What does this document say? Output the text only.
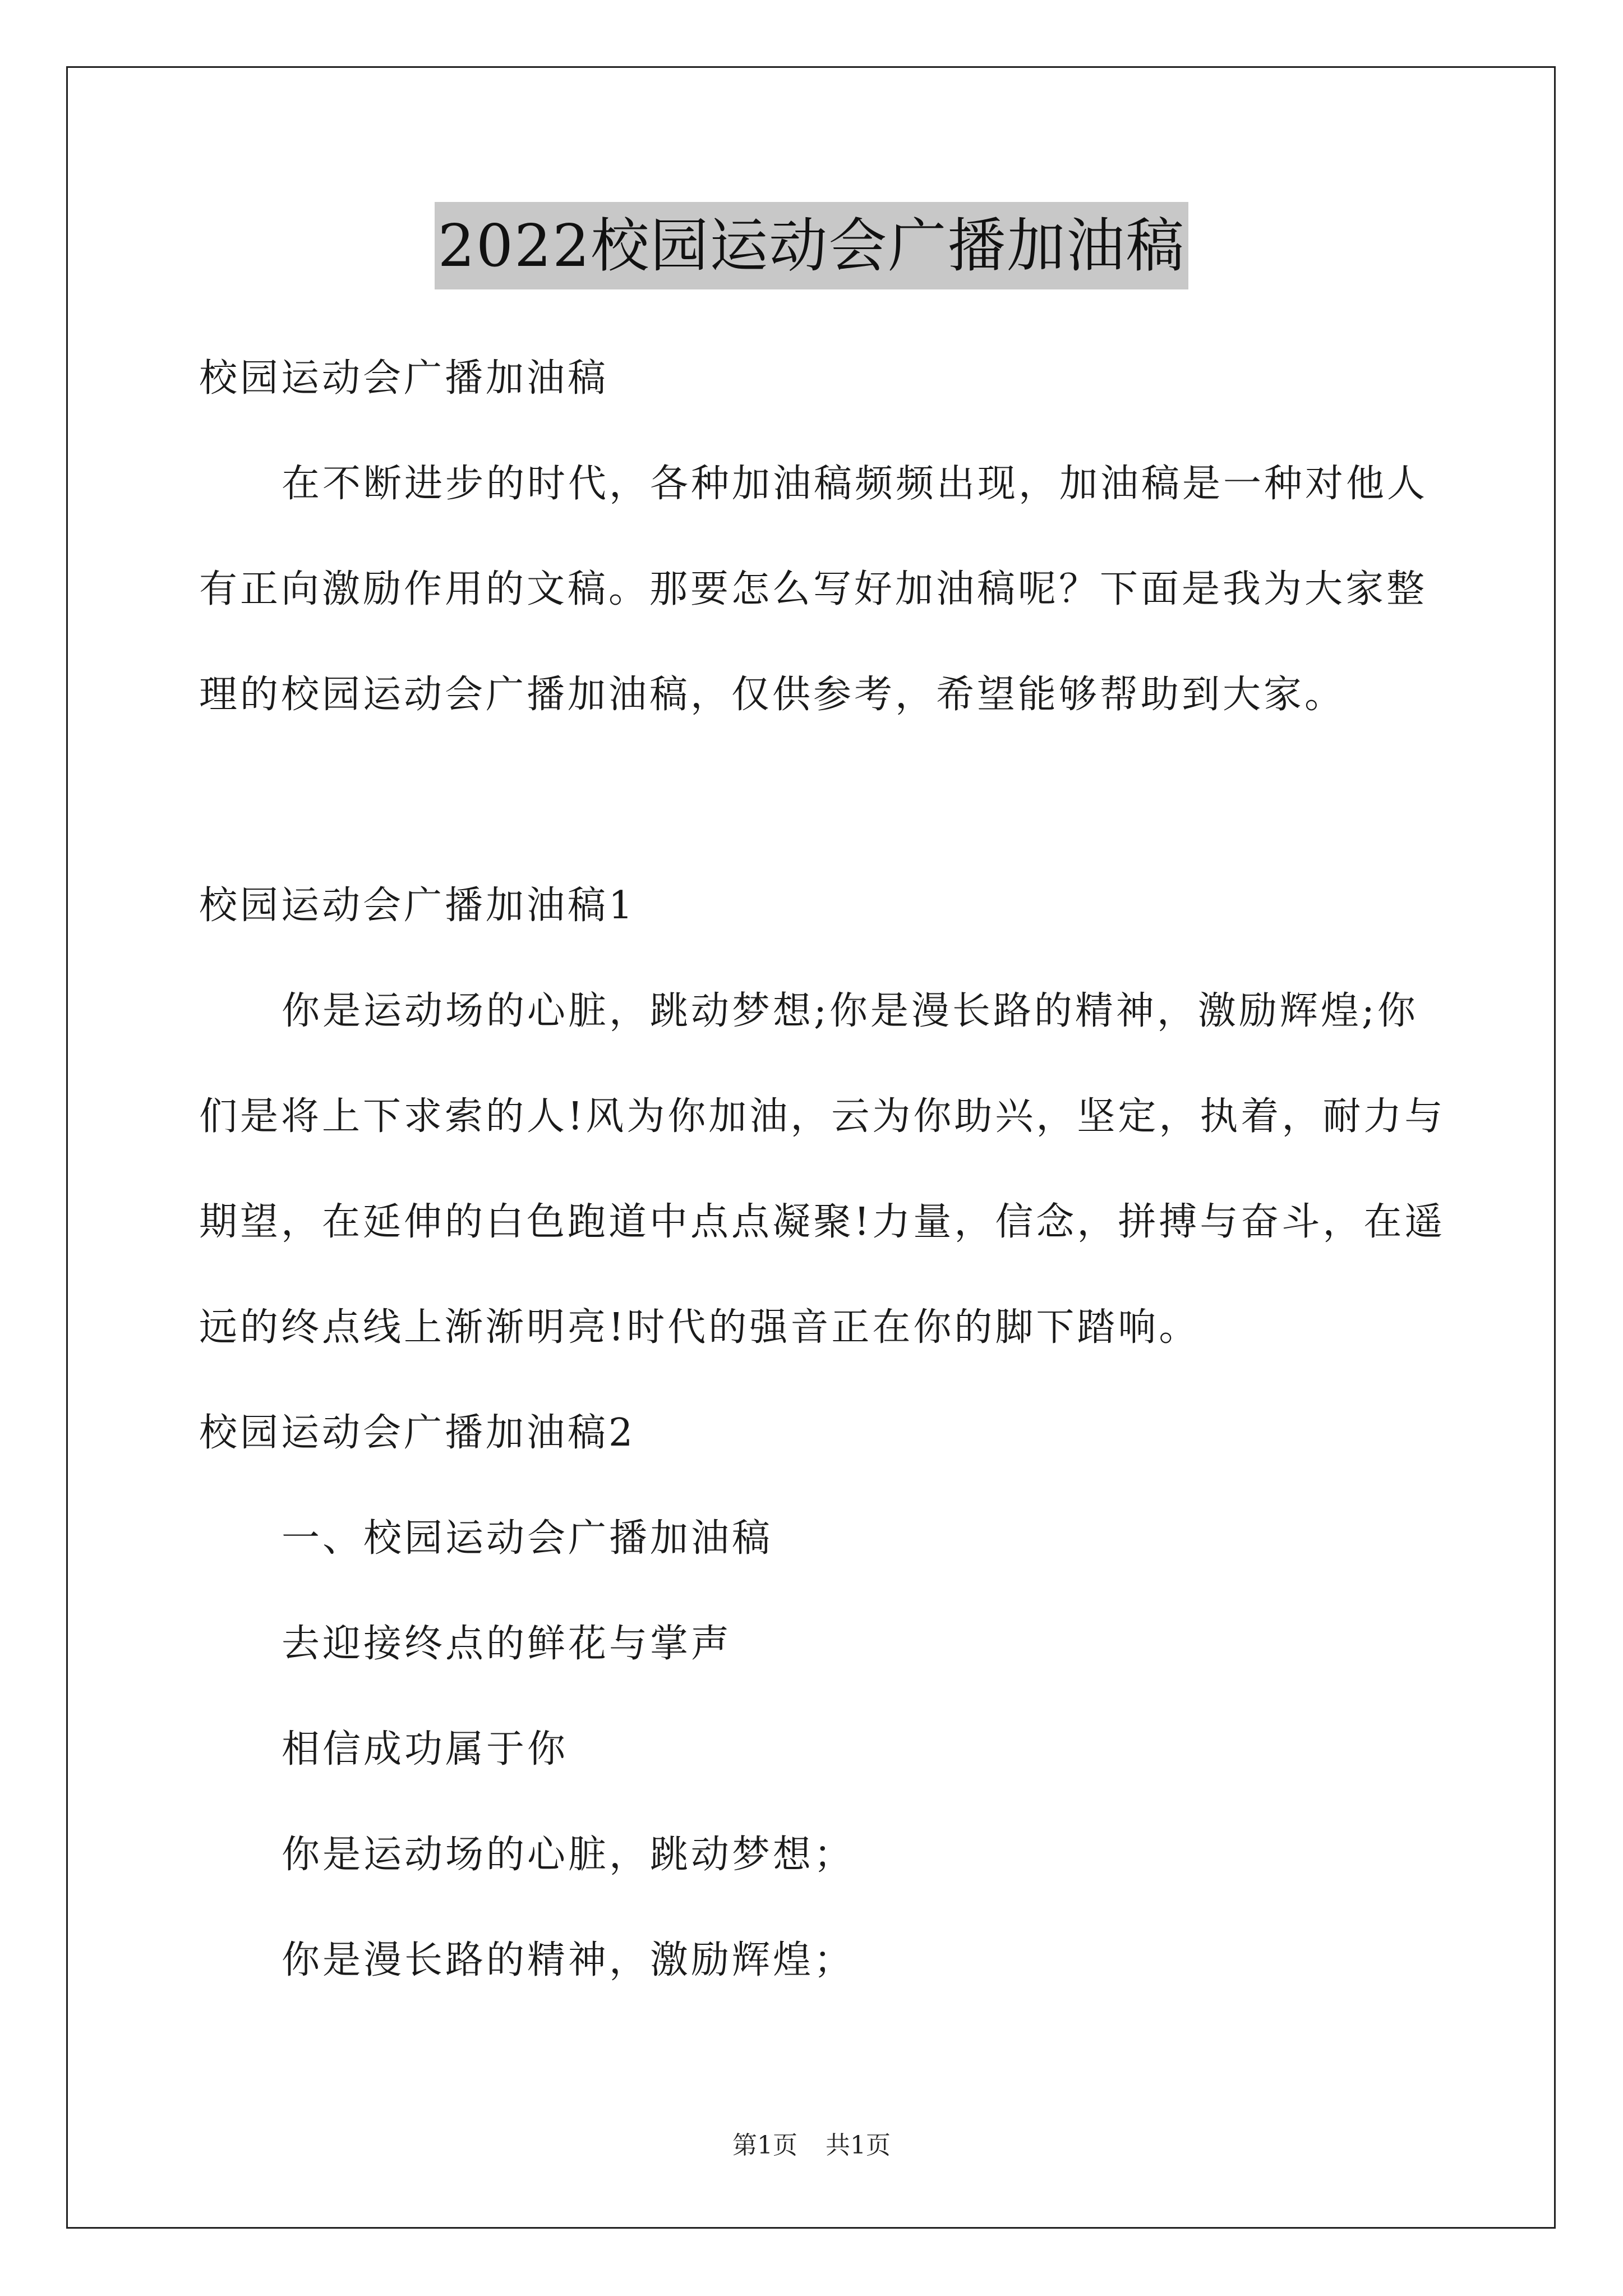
2022校园运动会广播加油稿
校园运动会广播加油稿
在不断进步的时代，各种加油稿频频出现，加油稿是一种对他人
有正向激励作用的文稿。那要怎么写好加油稿呢？下面是我为大家整
理的校园运动会广播加油稿，仅供参考，希望能够帮助到大家。
校园运动会广播加油稿1
你是运动场的心脏，跳动梦想;你是漫长路的精神，激励辉煌;你
们是将上下求索的人!风为你加油，云为你助兴，坚定，执着，耐力与
期望，在延伸的白色跑道中点点凝聚!力量，信念，拼搏与奋斗，在遥
远的终点线上渐渐明亮!时代的强音正在你的脚下踏响。
校园运动会广播加油稿2
一、校园运动会广播加油稿
去迎接终点的鲜花与掌声
相信成功属于你
你是运动场的心脏，跳动梦想；
你是漫长路的精神，激励辉煌；
第1页 共1页
